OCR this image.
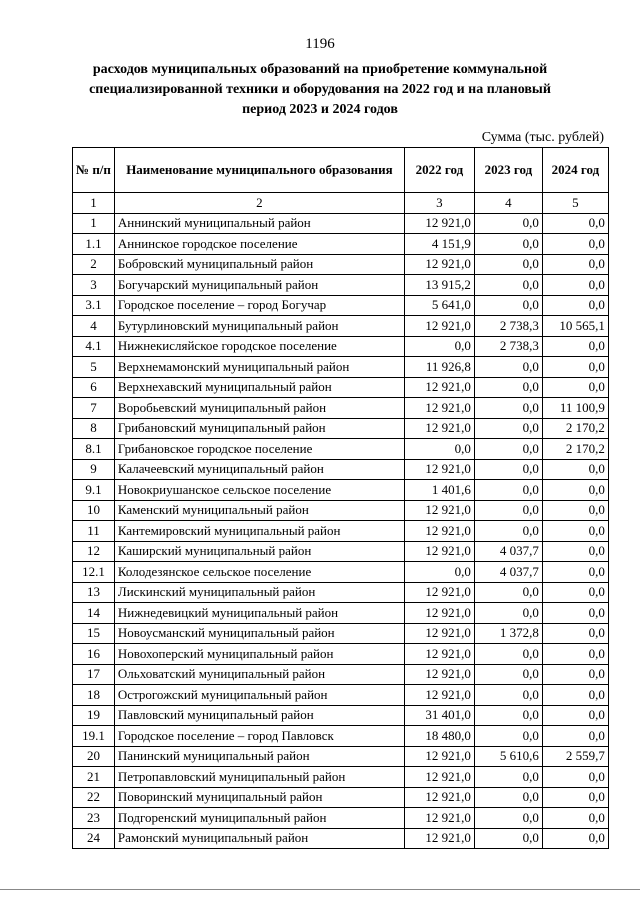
1196
расходов муниципальных образований на приобретение коммунальной специализированной техники и оборудования на 2022 год и на плановый период 2023 и 2024 годов
Сумма (тыс. рублей)
№ п/п	Наименование муниципального образования	2022 год	2023 год	2024 год
1	2	3	4	5
1	Аннинский муниципальный район	12 921,0	0,0	0,0
1.1	Аннинское городское поселение	4 151,9	0,0	0,0
2	Бобровский муниципальный район	12 921,0	0,0	0,0
3	Богучарский муниципальный район	13 915,2	0,0	0,0
3.1	Городское поселение – город Богучар	5 641,0	0,0	0,0
4	Бутурлиновский муниципальный район	12 921,0	2 738,3	10 565,1
4.1	Нижнекисляйское городское поселение	0,0	2 738,3	0,0
5	Верхнемамонский муниципальный район	11 926,8	0,0	0,0
6	Верхнехавский муниципальный район	12 921,0	0,0	0,0
7	Воробьевский муниципальный район	12 921,0	0,0	11 100,9
8	Грибановский муниципальный район	12 921,0	0,0	2 170,2
8.1	Грибановское городское поселение	0,0	0,0	2 170,2
9	Калачеевский муниципальный район	12 921,0	0,0	0,0
9.1	Новокриушанское сельское поселение	1 401,6	0,0	0,0
10	Каменский муниципальный район	12 921,0	0,0	0,0
11	Кантемировский муниципальный район	12 921,0	0,0	0,0
12	Каширский муниципальный район	12 921,0	4 037,7	0,0
12.1	Колодезянское сельское поселение	0,0	4 037,7	0,0
13	Лискинский муниципальный район	12 921,0	0,0	0,0
14	Нижнедевицкий муниципальный район	12 921,0	0,0	0,0
15	Новоусманский муниципальный район	12 921,0	1 372,8	0,0
16	Новохоперский муниципальный район	12 921,0	0,0	0,0
17	Ольховатский муниципальный район	12 921,0	0,0	0,0
18	Острогожский муниципальный район	12 921,0	0,0	0,0
19	Павловский муниципальный район	31 401,0	0,0	0,0
19.1	Городское поселение – город Павловск	18 480,0	0,0	0,0
20	Панинский муниципальный район	12 921,0	5 610,6	2 559,7
21	Петропавловский муниципальный район	12 921,0	0,0	0,0
22	Поворинский муниципальный район	12 921,0	0,0	0,0
23	Подгоренский муниципальный район	12 921,0	0,0	0,0
24	Рамонский муниципальный район	12 921,0	0,0	0,0
